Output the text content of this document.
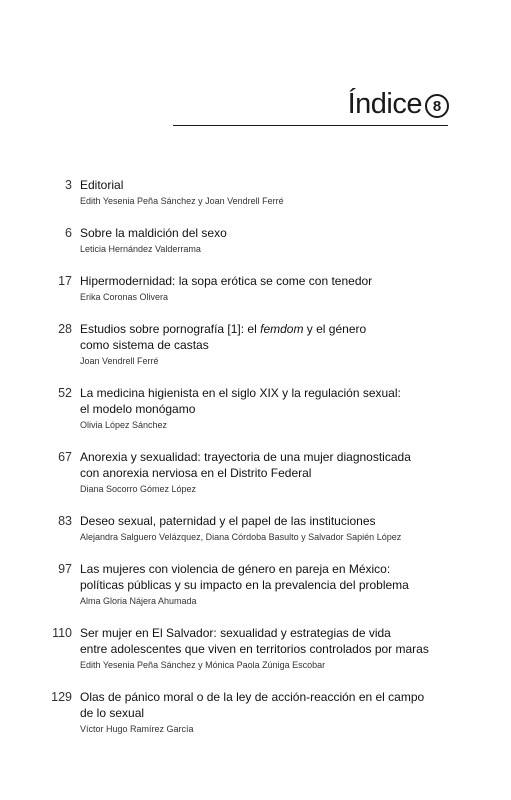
Índice 8
3 Editorial
Edith Yesenia Peña Sánchez y Joan Vendrell Ferré
6 Sobre la maldición del sexo
Leticia Hernández Valderrama
17 Hipermodernidad: la sopa erótica se come con tenedor
Erika Coronas Olivera
28 Estudios sobre pornografía [1]: el femdom y el género
como sistema de castas
Joan Vendrell Ferré
52 La medicina higienista en el siglo XIX y la regulación sexual:
el modelo monógamo
Olivia López Sánchez
67 Anorexia y sexualidad: trayectoria de una mujer diagnosticada
con anorexia nerviosa en el Distrito Federal
Diana Socorro Gómez López
83 Deseo sexual, paternidad y el papel de las instituciones
Alejandra Salguero Velázquez, Diana Córdoba Basulto y Salvador Sapién López
97 Las mujeres con violencia de género en pareja en México:
políticas públicas y su impacto en la prevalencia del problema
Alma Gloria Nájera Ahumada
110 Ser mujer en El Salvador: sexualidad y estrategias de vida
entre adolescentes que viven en territorios controlados por maras
Edith Yesenia Peña Sánchez y Mónica Paola Zúniga Escobar
129 Olas de pánico moral o de la ley de acción-reacción en el campo
de lo sexual
Víctor Hugo Ramírez García
